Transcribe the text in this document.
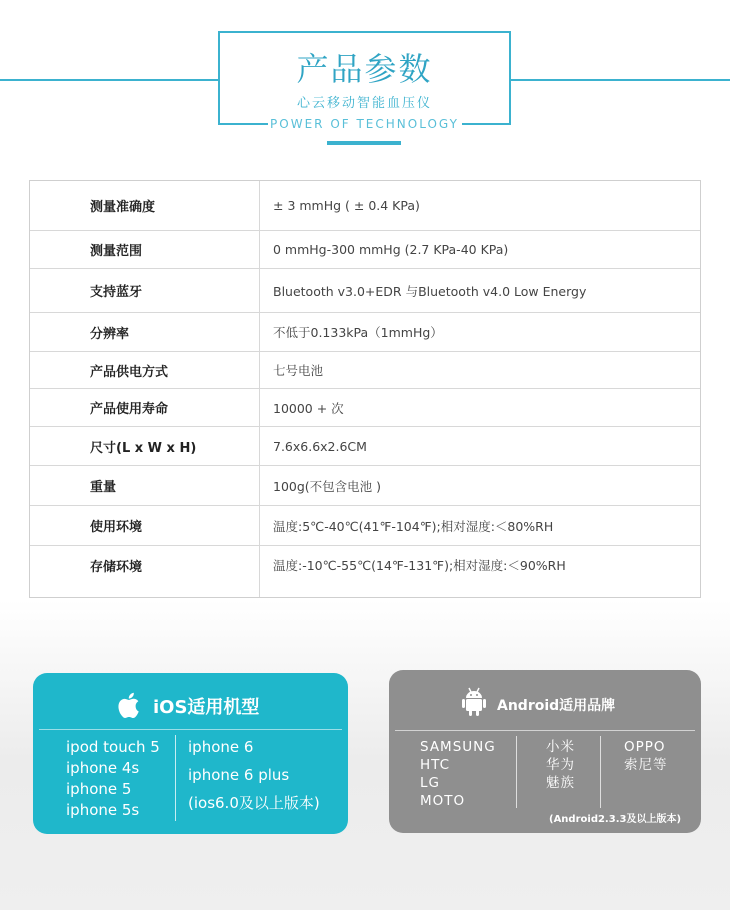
产品参数
心云移动智能血压仪
POWER OF TECHNOLOGY
测量准确度	± 3 mmHg ( ± 0.4 KPa)
测量范围	0 mmHg-300 mmHg (2.7 KPa-40 KPa)
支持蓝牙	Bluetooth v3.0+EDR 与Bluetooth v4.0 Low Energy
分辨率	不低于0.133kPa（1mmHg）
产品供电方式	七号电池
产品使用寿命	10000 + 次
尺寸(L x W x H)	7.6x6.6x2.6CM
重量	100g(不包含电池 )
使用环境	温度:5℃-40℃(41℉-104℉);相对湿度:＜80%RH
存储环境	温度:-10℃-55℃(14℉-131℉);相对湿度:＜90%RH
iOS适用机型
ipod touch 5
iphone 4s
iphone 5
iphone 5s
iphone 6
iphone 6 plus
(ios6.0及以上版本)
Android适用品牌
SAMSUNG
HTC
LG
MOTO
小米
华为
魅族
OPPO
索尼等
(Android2.3.3及以上版本)
